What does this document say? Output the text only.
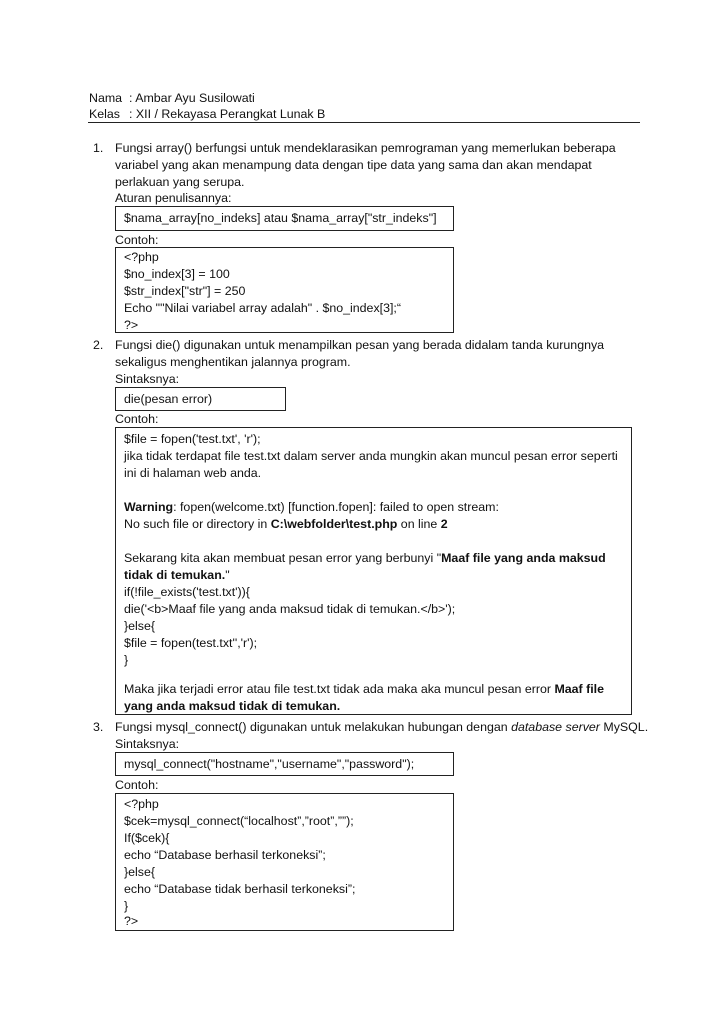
Nama : Ambar Ayu Susilowati
Kelas : XII / Rekayasa Perangkat Lunak B
1. Fungsi array() berfungsi untuk mendeklarasikan pemrograman yang memerlukan beberapa
variabel yang akan menampung data dengan tipe data yang sama dan akan mendapat
perlakuan yang serupa.
Aturan penulisannya:
$nama_array[no_indeks] atau $nama_array["str_indeks"]
Contoh:
<?php
$no_index[3] = 100
$str_index["str"] = 250
Echo ""Nilai variabel array adalah" . $no_index[3];“
?>
2. Fungsi die() digunakan untuk menampilkan pesan yang berada didalam tanda kurungnya
sekaligus menghentikan jalannya program.
Sintaksnya:
die(pesan error)
Contoh:
$file = fopen('test.txt', 'r');
jika tidak terdapat file test.txt dalam server anda mungkin akan muncul pesan error seperti
ini di halaman web anda.
Warning: fopen(welcome.txt) [function.fopen]: failed to open stream:
No such file or directory in C:\webfolder\test.php on line 2
Sekarang kita akan membuat pesan error yang berbunyi "Maaf file yang anda maksud
tidak di temukan."
if(!file_exists('test.txt')){
die('<b>Maaf file yang anda maksud tidak di temukan.</b>');
}else{
$file = fopen(test.txt'','r');
}
Maka jika terjadi error atau file test.txt tidak ada maka aka muncul pesan error Maaf file
yang anda maksud tidak di temukan.
3. Fungsi mysql_connect() digunakan untuk melakukan hubungan dengan database server MySQL.
Sintaksnya:
mysql_connect("hostname","username","password");
Contoh:
<?php
$cek=mysql_connect(“localhost”,”root”,””);
If($cek){
echo “Database berhasil terkoneksi”;
}else{
echo “Database tidak berhasil terkoneksi”;
}
?>
